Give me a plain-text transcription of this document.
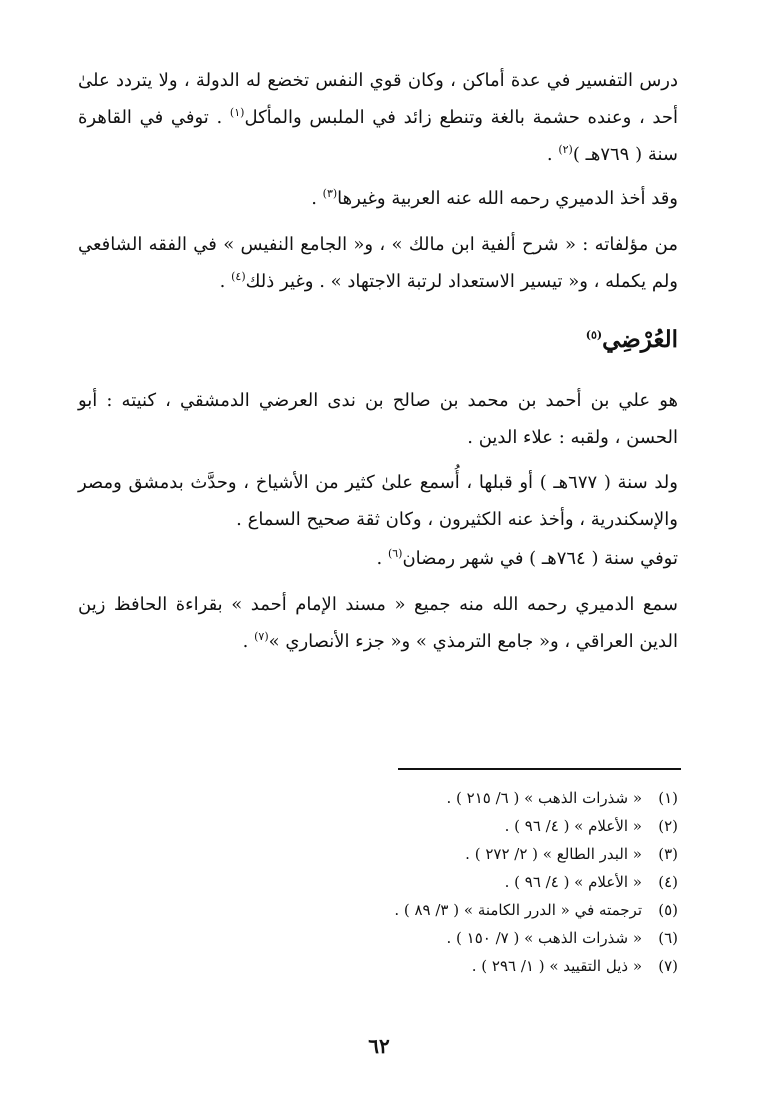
درس التفسير في عدة أماكن ، وكان قوي النفس تخضع له الدولة ، ولا يتردد علىٰ أحد ، وعنده حشمة بالغة وتنطع زائد في الملبس والمأكل$^{(١)}$ . توفي في القاهرة سنة ( ٧٦٩هـ )$^{(٢)}$ .

وقد أخذ الدميري رحمه الله عنه العربية وغيرها$^{(٣)}$ .

من مؤلفاته : « شرح ألفية ابن مالك » ، و« الجامع النفيس » في الفقه الشافعي ولم يكمله ، و« تيسير الاستعداد لرتبة الاجتهاد » . وغير ذلك$^{(٤)}$ .

العُرْضِي$^{(٥)}$

هو علي بن أحمد بن محمد بن صالح بن ندى العرضي الدمشقي ، كنيته : أبو الحسن ، ولقبه : علاء الدين .

ولد سنة ( ٦٧٧هـ ) أو قبلها ، أُسمع علىٰ كثير من الأشياخ ، وحدَّث بدمشق ومصر والإسكندرية ، وأخذ عنه الكثيرون ، وكان ثقة صحيح السماع .

توفي سنة ( ٧٦٤هـ ) في شهر رمضان$^{(٦)}$ .

سمع الدميري رحمه الله منه جميع « مسند الإمام أحمد » بقراءة الحافظ زين الدين العراقي ، و« جامع الترمذي » و« جزء الأنصاري »$^{(٧)}$ .

(١)« شذرات الذهب » ( ٦/ ٢١٥ ) .
(٢)« الأعلام » ( ٤/ ٩٦ ) .
(٣)« البدر الطالع » ( ٢/ ٢٧٢ ) .
(٤)« الأعلام » ( ٤/ ٩٦ ) .
(٥)ترجمته في « الدرر الكامنة » ( ٣/ ٨٩ ) .
(٦)« شذرات الذهب » ( ٧/ ١٥٠ ) .
(٧)« ذيل التقييد » ( ١/ ٢٩٦ ) .
٦٢
